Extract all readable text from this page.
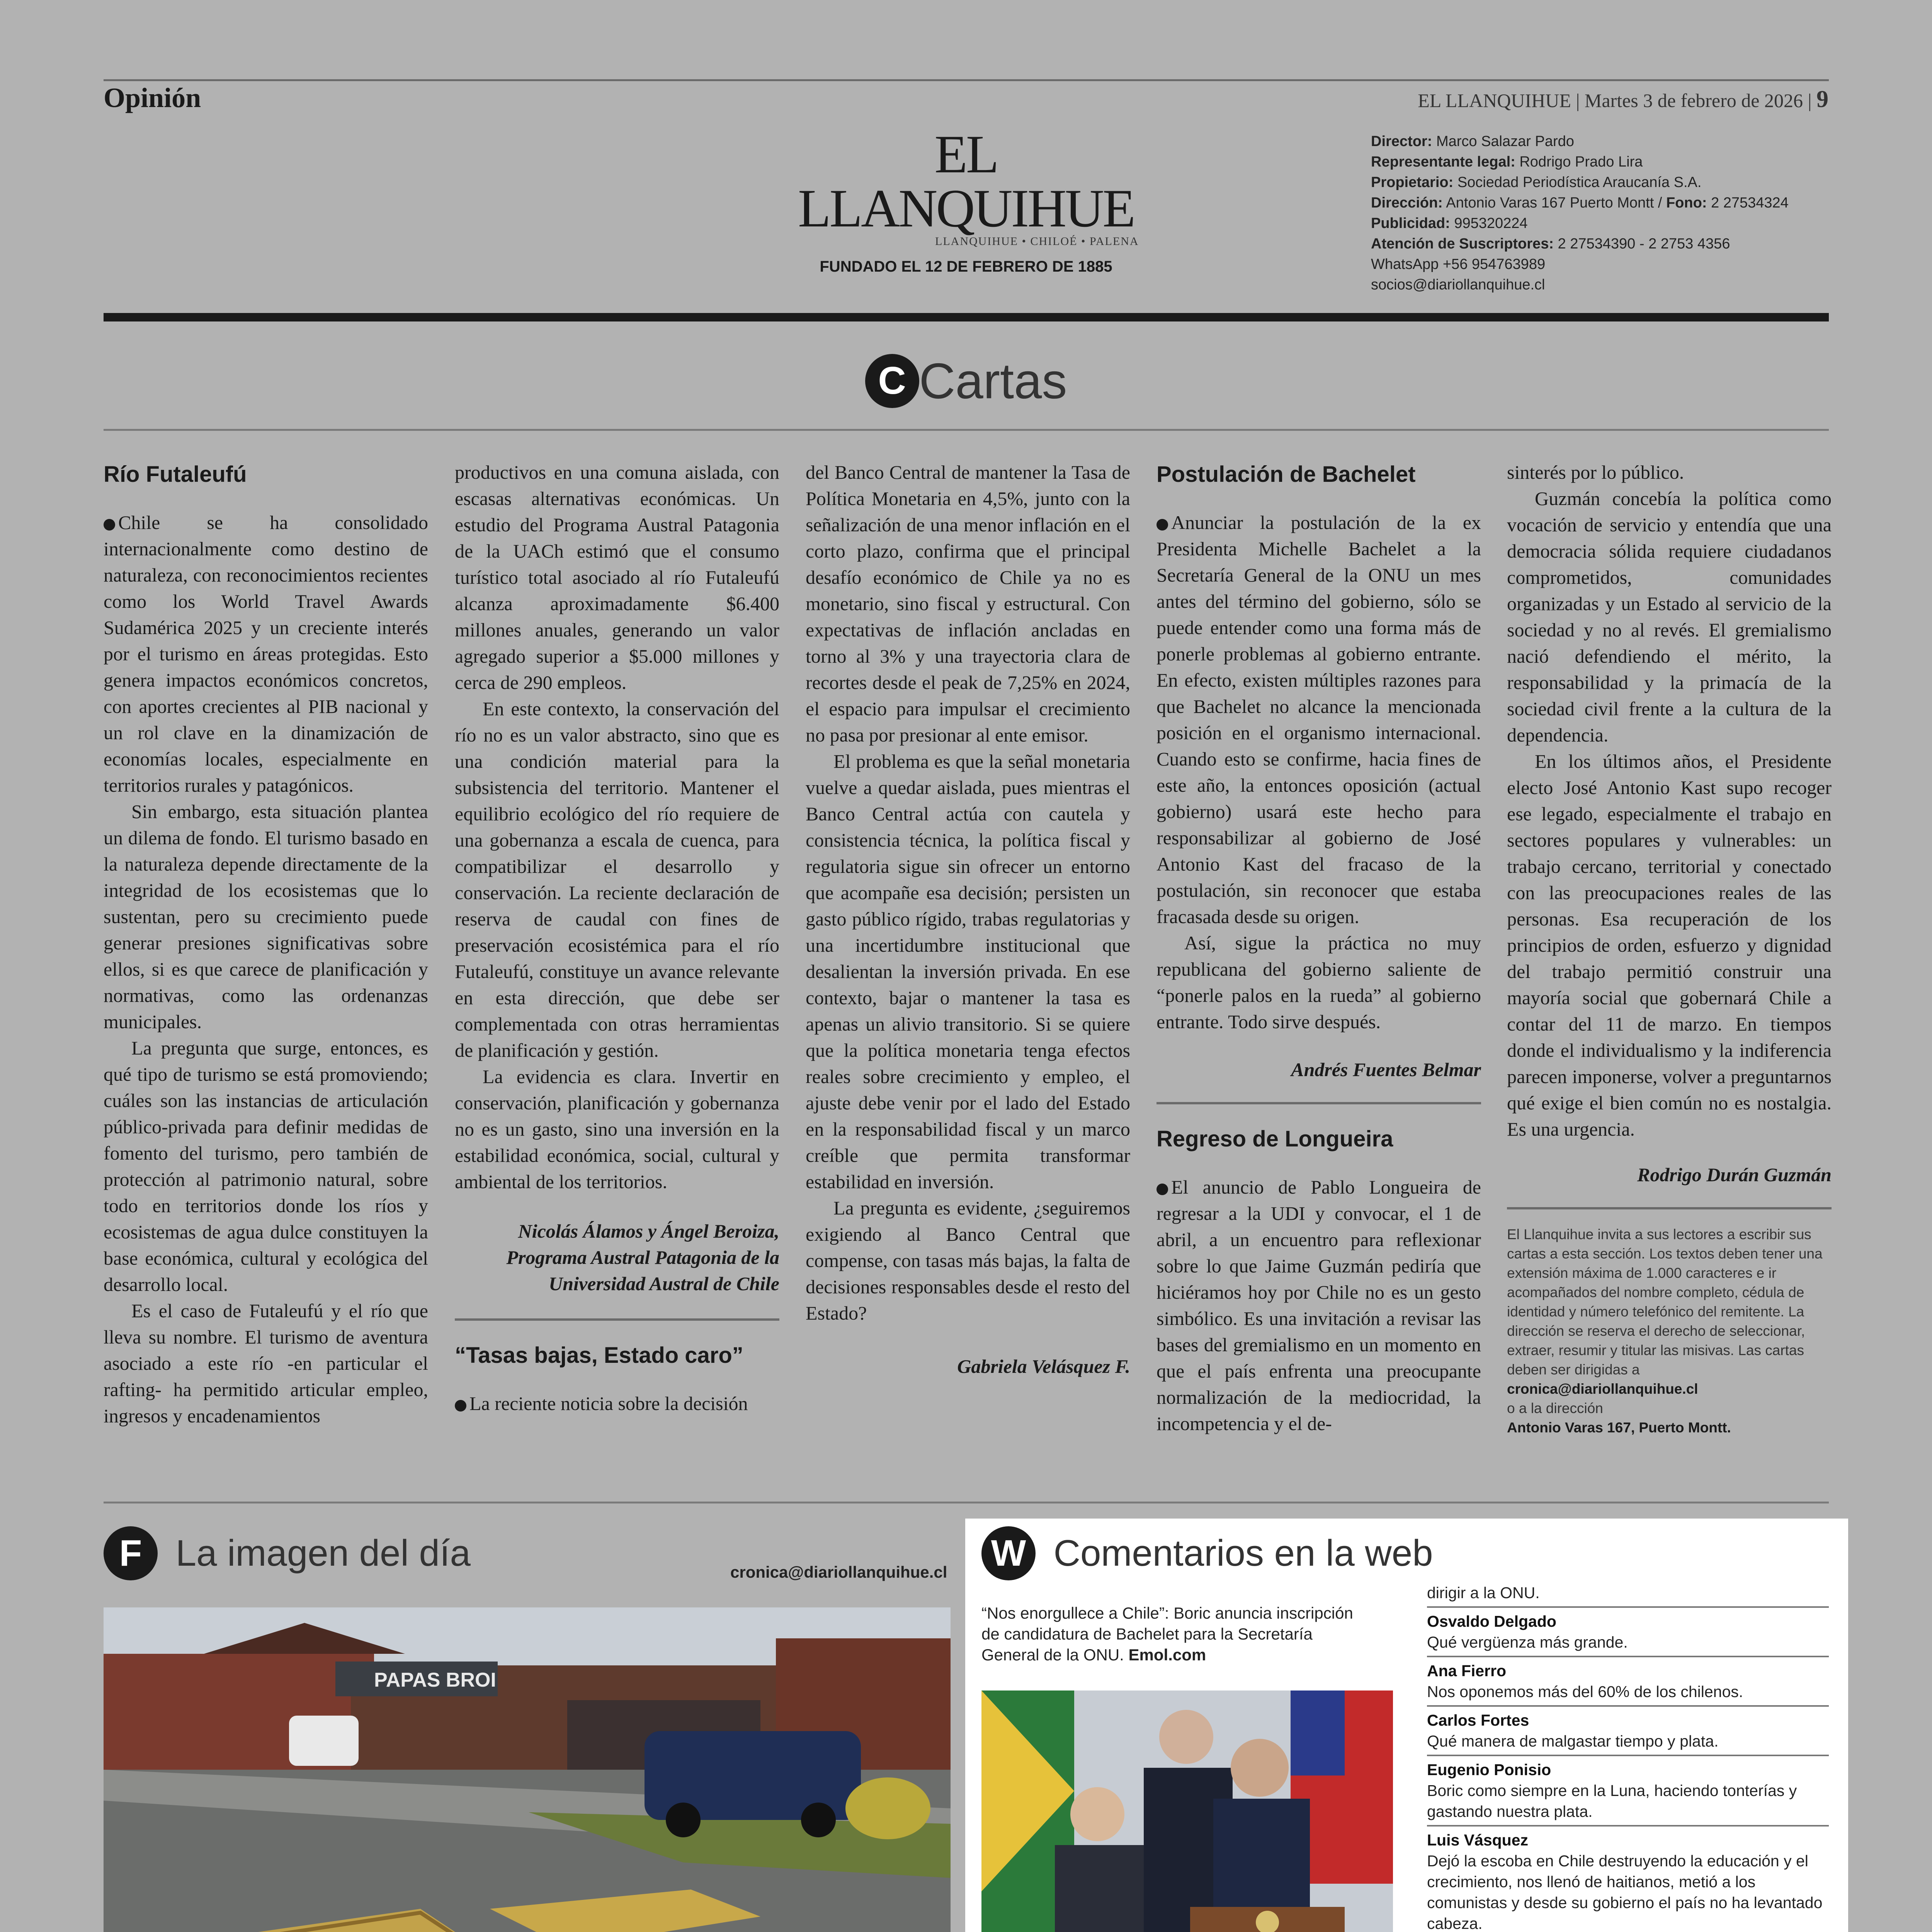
Opinión	EL LLANQUIHUE | Martes 3 de febrero de 2026 | 9
EL LLANQUIHUE
LLANQUIHUE • CHILOÉ • PALENA
FUNDADO EL 12 DE FEBRERO DE 1885
Director: Marco Salazar Pardo
Representante legal: Rodrigo Prado Lira
Propietario: Sociedad Periodística Araucanía S.A.
Dirección: Antonio Varas 167 Puerto Montt / Fono: 2 27534324
Publicidad: 995320224
Atención de Suscriptores: 2 27534390 - 2 2753 4356
WhatsApp +56 954763989
socios@diariollanquihue.cl
C Cartas
Río Futaleufú

Chile se ha consolidado internacionalmente como destino de naturaleza, con reconocimientos recientes como los World Travel Awards Sudamérica 2025 y un creciente interés por el turismo en áreas protegidas. Esto genera impactos económicos concretos, con aportes crecientes al PIB nacional y un rol clave en la dinamización de economías locales, especialmente en territorios rurales y patagónicos.

Sin embargo, esta situación plantea un dilema de fondo. El turismo basado en la naturaleza depende directamente de la integridad de los ecosistemas que lo sustentan, pero su crecimiento puede generar presiones significativas sobre ellos, si es que carece de planificación y normativas, como las ordenanzas municipales.

La pregunta que surge, entonces, es qué tipo de turismo se está promoviendo; cuáles son las instancias de articulación público-privada para definir medidas de fomento del turismo, pero también de protección al patrimonio natural, sobre todo en territorios donde los ríos y ecosistemas de agua dulce constituyen la base económica, cultural y ecológica del desarrollo local.

Es el caso de Futaleufú y el río que lleva su nombre. El turismo de aventura asociado a este río -en particular el rafting- ha permitido articular empleo, ingresos y encadenamientos

productivos en una comuna aislada, con escasas alternativas económicas. Un estudio del Programa Austral Patagonia de la UACh estimó que el consumo turístico total asociado al río Futaleufú alcanza aproximadamente $6.400 millones anuales, generando un valor agregado superior a $5.000 millones y cerca de 290 empleos.

En este contexto, la conservación del río no es un valor abstracto, sino que es una condición material para la subsistencia del territorio. Mantener el equilibrio ecológico del río requiere de una gobernanza a escala de cuenca, para compatibilizar el desarrollo y conservación. La reciente declaración de reserva de caudal con fines de preservación ecosistémica para el río Futaleufú, constituye un avance relevante en esta dirección, que debe ser complementada con otras herramientas de planificación y gestión.

La evidencia es clara. Invertir en conservación, planificación y gobernanza no es un gasto, sino una inversión en la estabilidad económica, social, cultural y ambiental de los territorios.

Nicolás Álamos y Ángel Beroiza, Programa Austral Patagonia de la Universidad Austral de Chile

“Tasas bajas, Estado caro”

La reciente noticia sobre la decisión

del Banco Central de mantener la Tasa de Política Monetaria en 4,5%, junto con la señalización de una menor inflación en el corto plazo, confirma que el principal desafío económico de Chile ya no es monetario, sino fiscal y estructural. Con expectativas de inflación ancladas en torno al 3% y una trayectoria clara de recortes desde el peak de 7,25% en 2024, el espacio para impulsar el crecimiento no pasa por presionar al ente emisor.

El problema es que la señal monetaria vuelve a quedar aislada, pues mientras el Banco Central actúa con cautela y consistencia técnica, la política fiscal y regulatoria sigue sin ofrecer un entorno que acompañe esa decisión; persisten un gasto público rígido, trabas regulatorias y una incertidumbre institucional que desalientan la inversión privada. En ese contexto, bajar o mantener la tasa es apenas un alivio transitorio. Si se quiere que la política monetaria tenga efectos reales sobre crecimiento y empleo, el ajuste debe venir por el lado del Estado en la responsabilidad fiscal y un marco creíble que permita transformar estabilidad en inversión.

La pregunta es evidente, ¿seguiremos exigiendo al Banco Central que compense, con tasas más bajas, la falta de decisiones responsables desde el resto del Estado?

Gabriela Velásquez F.

Postulación de Bachelet

Anunciar la postulación de la ex Presidenta Michelle Bachelet a la Secretaría General de la ONU un mes antes del término del gobierno, sólo se puede entender como una forma más de ponerle problemas al gobierno entrante. En efecto, existen múltiples razones para que Bachelet no alcance la mencionada posición en el organismo internacional. Cuando esto se confirme, hacia fines de este año, la entonces oposición (actual gobierno) usará este hecho para responsabilizar al gobierno de José Antonio Kast del fracaso de la postulación, sin reconocer que estaba fracasada desde su origen.

Así, sigue la práctica no muy republicana del gobierno saliente de “ponerle palos en la rueda” al gobierno entrante. Todo sirve después.

Andrés Fuentes Belmar

Regreso de Longueira

El anuncio de Pablo Longueira de regresar a la UDI y convocar, el 1 de abril, a un encuentro para reflexionar sobre lo que Jaime Guzmán pediría que hiciéramos hoy por Chile no es un gesto simbólico. Es una invitación a revisar las bases del gremialismo en un momento en que el país enfrenta una preocupante normalización de la mediocridad, la incompetencia y el de-

sinterés por lo público.

Guzmán concebía la política como vocación de servicio y entendía que una democracia sólida requiere ciudadanos comprometidos, comunidades organizadas y un Estado al servicio de la sociedad y no al revés. El gremialismo nació defendiendo el mérito, la responsabilidad y la primacía de la sociedad civil frente a la cultura de la dependencia.

En los últimos años, el Presidente electo José Antonio Kast supo recoger ese legado, especialmente el trabajo en sectores populares y vulnerables: un trabajo cercano, territorial y conectado con las preocupaciones reales de las personas. Esa recuperación de los principios de orden, esfuerzo y dignidad del trabajo permitió construir una mayoría social que gobernará Chile a contar del 11 de marzo. En tiempos donde el individualismo y la indiferencia parecen imponerse, volver a preguntarnos qué exige el bien común no es nostalgia. Es una urgencia.

Rodrigo Durán Guzmán

El Llanquihue invita a sus lectores a escribir sus cartas a esta sección. Los textos deben tener una extensión máxima de 1.000 caracteres e ir acompañados del nombre completo, cédula de identidad y número telefónico del remitente. La dirección se reserva el derecho de seleccionar, extraer, resumir y titular las misivas. Las cartas deben ser dirigidas a
cronica@diariollanquihue.cl
o a la dirección
Antonio Varas 167, Puerto Montt.
F La imagen del día	cronica@diariollanquihue.cl
PAPAS BROI
W Comentarios en la web
“Nos enorgullece a Chile”: Boric anuncia inscripción de candidatura de Bachelet para la Secretaría General de la ONU. Emol.com
dirigir a la ONU.
Osvaldo Delgado
Qué vergüenza más grande.
Ana Fierro
Nos oponemos más del 60% de los chilenos.
Carlos Fortes
Qué manera de malgastar tiempo y plata.
Eugenio Ponisio
Boric como siempre en la Luna, haciendo tonterías y gastando nuestra plata.
Luis Vásquez
Dejó la escoba en Chile destruyendo la educación y el crecimiento, nos llenó de haitianos, metió a los comunistas y desde su gobierno el país no ha levantado cabeza.
